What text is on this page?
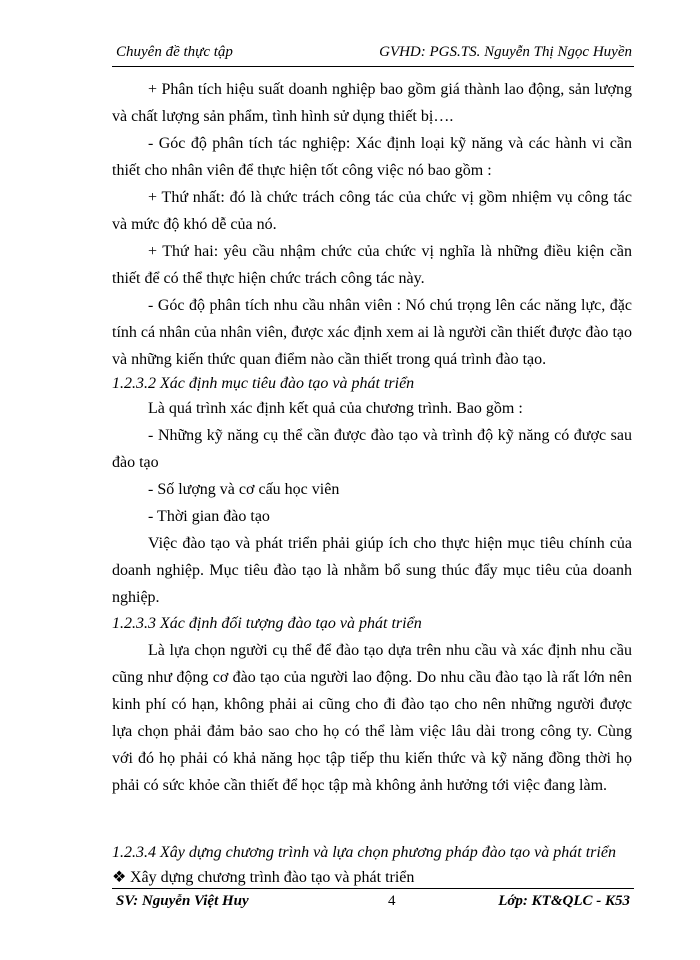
Chuyên đề thực tập	GVHD: PGS.TS. Nguyễn Thị Ngọc Huyền

+ Phân tích hiệu suất doanh nghiệp bao gồm giá thành lao động, sản lượng và chất lượng sản phẩm, tình hình sử dụng thiết bị….

- Góc độ phân tích tác nghiệp: Xác định loại kỹ năng và các hành vi cần thiết cho nhân viên để thực hiện tốt công việc nó bao gồm :

+ Thứ nhất: đó là chức trách công tác của chức vị gồm nhiệm vụ công tác và mức độ khó dễ của nó.

+ Thứ hai: yêu cầu nhậm chức của chức vị nghĩa là những điều kiện cần thiết để có thể thực hiện chức trách công tác này.

- Góc độ phân tích nhu cầu nhân viên : Nó chú trọng lên các năng lực, đặc tính cá nhân của nhân viên, được xác định xem ai là người cần thiết được đào tạo và những kiến thức quan điểm nào cần thiết trong quá trình đào tạo.

1.2.3.2 Xác định mục tiêu đào tạo và phát triển

Là quá trình xác định kết quả của chương trình. Bao gồm :

- Những kỹ năng cụ thể cần được đào tạo và trình độ kỹ năng có được sau đào tạo

- Số lượng và cơ cấu học viên

- Thời gian đào tạo

Việc đào tạo và phát triển phải giúp ích cho thực hiện mục tiêu chính của doanh nghiệp. Mục tiêu đào tạo là nhằm bổ sung thúc đẩy mục tiêu của doanh nghiệp.

1.2.3.3 Xác định đối tượng đào tạo và phát triển

Là lựa chọn người cụ thể để đào tạo dựa trên nhu cầu và xác định nhu cầu cũng như động cơ đào tạo của người lao động. Do nhu cầu đào tạo là rất lớn nên kinh phí có hạn, không phải ai cũng cho đi đào tạo cho nên những người được lựa chọn phải đảm bảo sao cho họ có thể làm việc lâu dài trong công ty. Cùng với đó họ phải có khả năng học tập tiếp thu kiến thức và kỹ năng đồng thời họ phải có sức khỏe cần thiết để học tập mà không ảnh hưởng tới việc đang làm.

1.2.3.4 Xây dựng chương trình và lựa chọn phương pháp đào tạo và phát triển

❖ Xây dựng chương trình đào tạo và phát triển

SV: Nguyễn Việt Huy	4	Lớp: KT&QLC - K53
